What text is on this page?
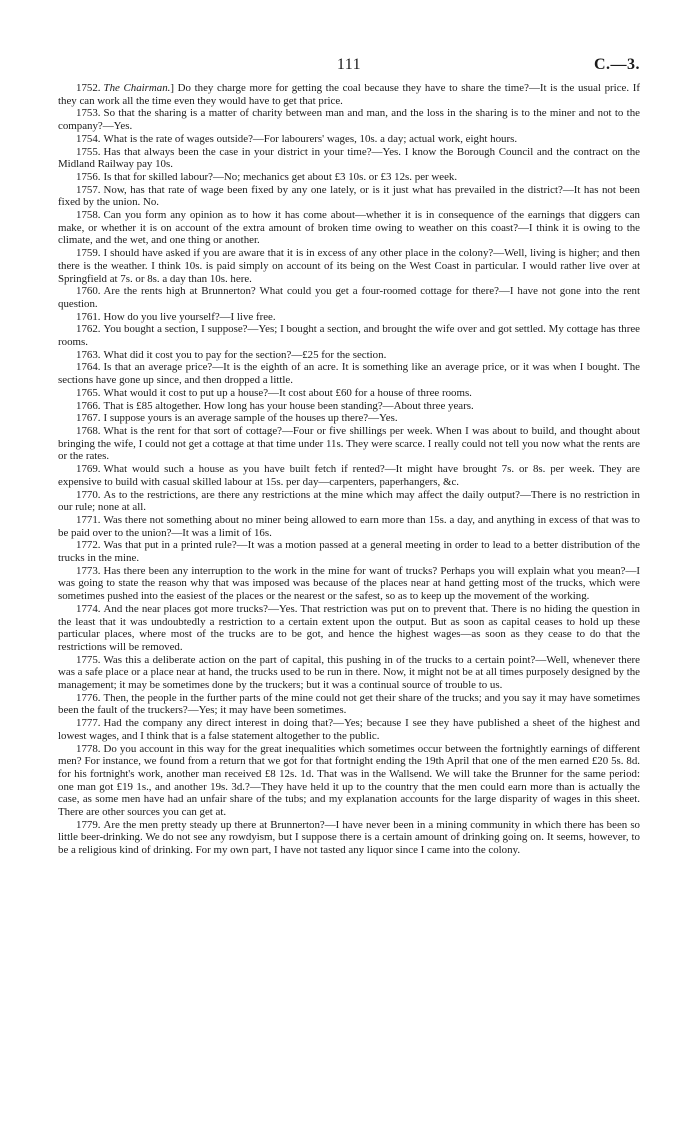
111	C.—3.

1752. The Chairman.] Do they charge more for getting the coal because they have to share the time?—It is the usual price. If they can work all the time even they would have to get that price.

1753. So that the sharing is a matter of charity between man and man, and the loss in the sharing is to the miner and not to the company?—Yes.

1754. What is the rate of wages outside?—For labourers' wages, 10s. a day; actual work, eight hours.

1755. Has that always been the case in your district in your time?—Yes. I know the Borough Council and the contract on the Midland Railway pay 10s.

1756. Is that for skilled labour?—No; mechanics get about £3 10s. or £3 12s. per week.

1757. Now, has that rate of wage been fixed by any one lately, or is it just what has prevailed in the district?—It has not been fixed by the union. No.

1758. Can you form any opinion as to how it has come about—whether it is in consequence of the earnings that diggers can make, or whether it is on account of the extra amount of broken time owing to weather on this coast?—I think it is owing to the climate, and the wet, and one thing or another.

1759. I should have asked if you are aware that it is in excess of any other place in the colony?—Well, living is higher; and then there is the weather. I think 10s. is paid simply on account of its being on the West Coast in particular. I would rather live over at Springfield at 7s. or 8s. a day than 10s. here.

1760. Are the rents high at Brunnerton? What could you get a four-roomed cottage for there?—I have not gone into the rent question.

1761. How do you live yourself?—I live free.

1762. You bought a section, I suppose?—Yes; I bought a section, and brought the wife over and got settled. My cottage has three rooms.

1763. What did it cost you to pay for the section?—£25 for the section.

1764. Is that an average price?—It is the eighth of an acre. It is something like an average price, or it was when I bought. The sections have gone up since, and then dropped a little.

1765. What would it cost to put up a house?—It cost about £60 for a house of three rooms.

1766. That is £85 altogether. How long has your house been standing?—About three years.

1767. I suppose yours is an average sample of the houses up there?—Yes.

1768. What is the rent for that sort of cottage?—Four or five shillings per week. When I was about to build, and thought about bringing the wife, I could not get a cottage at that time under 11s. They were scarce. I really could not tell you now what the rents are or the rates.

1769. What would such a house as you have built fetch if rented?—It might have brought 7s. or 8s. per week. They are expensive to build with casual skilled labour at 15s. per day—carpenters, paperhangers, &c.

1770. As to the restrictions, are there any restrictions at the mine which may affect the daily output?—There is no restriction in our rule; none at all.

1771. Was there not something about no miner being allowed to earn more than 15s. a day, and anything in excess of that was to be paid over to the union?—It was a limit of 16s.

1772. Was that put in a printed rule?—It was a motion passed at a general meeting in order to lead to a better distribution of the trucks in the mine.

1773. Has there been any interruption to the work in the mine for want of trucks? Perhaps you will explain what you mean?—I was going to state the reason why that was imposed was because of the places near at hand getting most of the trucks, which were sometimes pushed into the easiest of the places or the nearest or the safest, so as to keep up the movement of the working.

1774. And the near places got more trucks?—Yes. That restriction was put on to prevent that. There is no hiding the question in the least that it was undoubtedly a restriction to a certain extent upon the output. But as soon as capital ceases to hold up these particular places, where most of the trucks are to be got, and hence the highest wages—as soon as they cease to do that the restrictions will be removed.

1775. Was this a deliberate action on the part of capital, this pushing in of the trucks to a certain point?—Well, whenever there was a safe place or a place near at hand, the trucks used to be run in there. Now, it might not be at all times purposely designed by the management; it may be sometimes done by the truckers; but it was a continual source of trouble to us.

1776. Then, the people in the further parts of the mine could not get their share of the trucks; and you say it may have sometimes been the fault of the truckers?—Yes; it may have been sometimes.

1777. Had the company any direct interest in doing that?—Yes; because I see they have published a sheet of the highest and lowest wages, and I think that is a false statement altogether to the public.

1778. Do you account in this way for the great inequalities which sometimes occur between the fortnightly earnings of different men? For instance, we found from a return that we got for that fortnight ending the 19th April that one of the men earned £20 5s. 8d. for his fortnight's work, another man received £8 12s. 1d. That was in the Wallsend. We will take the Brunner for the same period: one man got £19 1s., and another 19s. 3d.?—They have held it up to the country that the men could earn more than is actually the case, as some men have had an unfair share of the tubs; and my explanation accounts for the large disparity of wages in this sheet. There are other sources you can get at.

1779. Are the men pretty steady up there at Brunnerton?—I have never been in a mining community in which there has been so little beer-drinking. We do not see any rowdyism, but I suppose there is a certain amount of drinking going on. It seems, however, to be a religious kind of drinking. For my own part, I have not tasted any liquor since I came into the colony.
